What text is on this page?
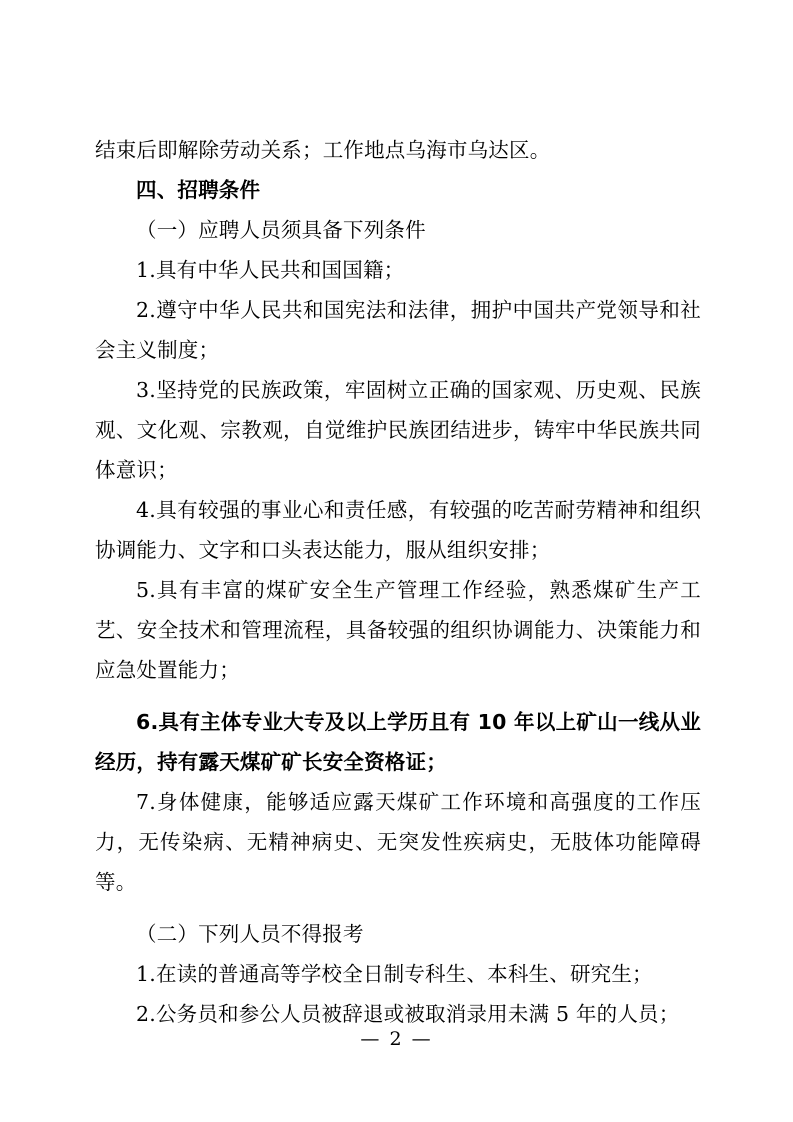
结束后即解除劳动关系；工作地点乌海市乌达区。

四、招聘条件

（一）应聘人员须具备下列条件

1.具有中华人民共和国国籍；

2.遵守中华人民共和国宪法和法律，拥护中国共产党领导和社会主义制度；

3.坚持党的民族政策，牢固树立正确的国家观、历史观、民族观、文化观、宗教观，自觉维护民族团结进步，铸牢中华民族共同体意识；

4.具有较强的事业心和责任感，有较强的吃苦耐劳精神和组织协调能力、文字和口头表达能力，服从组织安排；

5.具有丰富的煤矿安全生产管理工作经验，熟悉煤矿生产工艺、安全技术和管理流程，具备较强的组织协调能力、决策能力和应急处置能力；

6.具有主体专业大专及以上学历且有 10 年以上矿山一线从业经历，持有露天煤矿矿长安全资格证；

7.身体健康，能够适应露天煤矿工作环境和高强度的工作压力，无传染病、无精神病史、无突发性疾病史，无肢体功能障碍等。

（二）下列人员不得报考

1.在读的普通高等学校全日制专科生、本科生、研究生；

2.公务员和参公人员被辞退或被取消录用未满 5 年的人员；

— 2 —
